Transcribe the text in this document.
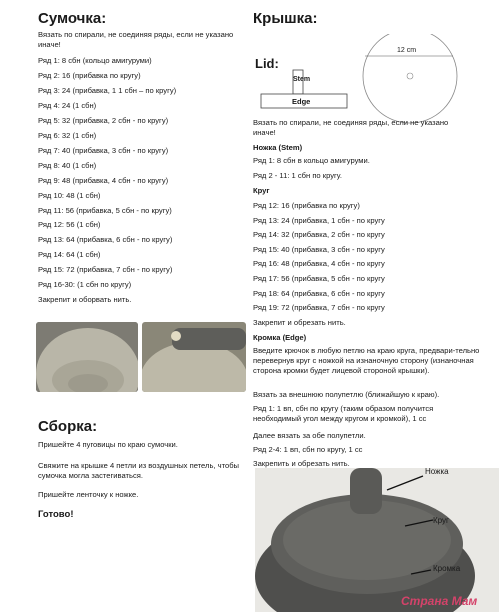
Сумочка:

Вязать по спирали, не соединяя ряды, если не указано иначе!

Ряд 1: 8 сбн (кольцо амигуруми)
Ряд 2: 16 (прибавка по кругу)
Ряд 3: 24 (прибавка, 1 1 сбн – по кругу)
Ряд 4: 24 (1 сбн)
Ряд 5: 32 (прибавка, 2 сбн - по кругу)
Ряд 6: 32 (1 сбн)
Ряд 7: 40 (прибавка, 3 сбн - по кругу)
Ряд 8: 40 (1 сбн)
Ряд 9: 48 (прибавка, 4 сбн - по кругу)
Ряд 10: 48 (1 сбн)
Ряд 11: 56 (прибавка, 5 сбн - по кругу)
Ряд 12: 56 (1 сбн)
Ряд 13: 64 (прибавка, 6 сбн - по кругу)
Ряд 14: 64 (1 сбн)
Ряд 15: 72 (прибавка, 7 сбн - по кругу)
Ряд 16-30: (1 сбн по кругу)
Закрепит и оборвать нить.
Сборка:

Пришейте 4 пуговицы по краю сумочки.

Свяжите на крышке 4 петли из воздушных петель, чтобы сумочка могла застегиваться.

Пришейте ленточку к ножке.

Готово!

Крышка:
Lid:
Stem
Edge
12 cm

Вязать по спирали, не соединяя ряды, если не указано иначе!

Ножка (Stem)

Ряд 1: 8 сбн в кольцо амигуруми.
Ряд 2 - 11: 1 сбн по кругу.

Круг

Ряд 12: 16 (прибавка по кругу)
Ряд 13: 24 (прибавка, 1 сбн - по кругу
Ряд 14: 32 (прибавка, 2 сбн - по кругу
Ряд 15: 40 (прибавка, 3 сбн - по кругу
Ряд 16: 48 (прибавка, 4 сбн - по кругу
Ряд 17: 56 (прибавка, 5 сбн - по кругу
Ряд 18: 64 (прибавка, 6 сбн - по кругу
Ряд 19: 72 (прибавка, 7 сбн - по кругу
Закрепит и обрезать нить.

Кромка (Edge)

Введите крючок в любую петлю на краю круга, предвари-тельно перевернув круг с ножкой на изнаночную сторону (изнаночная сторона кромки будет лицевой стороной крышки).

Вязать за внешнюю полупетлю (ближайшую к краю).

Ряд 1: 1 вп, сбн по кругу (таким образом получится необходимый угол между кругом и кромкой), 1 сс

Далее вязать за обе полупетли.

Ряд 2-4: 1 вп, сбн по кругу, 1 сс

Закрепить и обрезать нить.

Ножка
Круг
Кромка
Страна Мам
